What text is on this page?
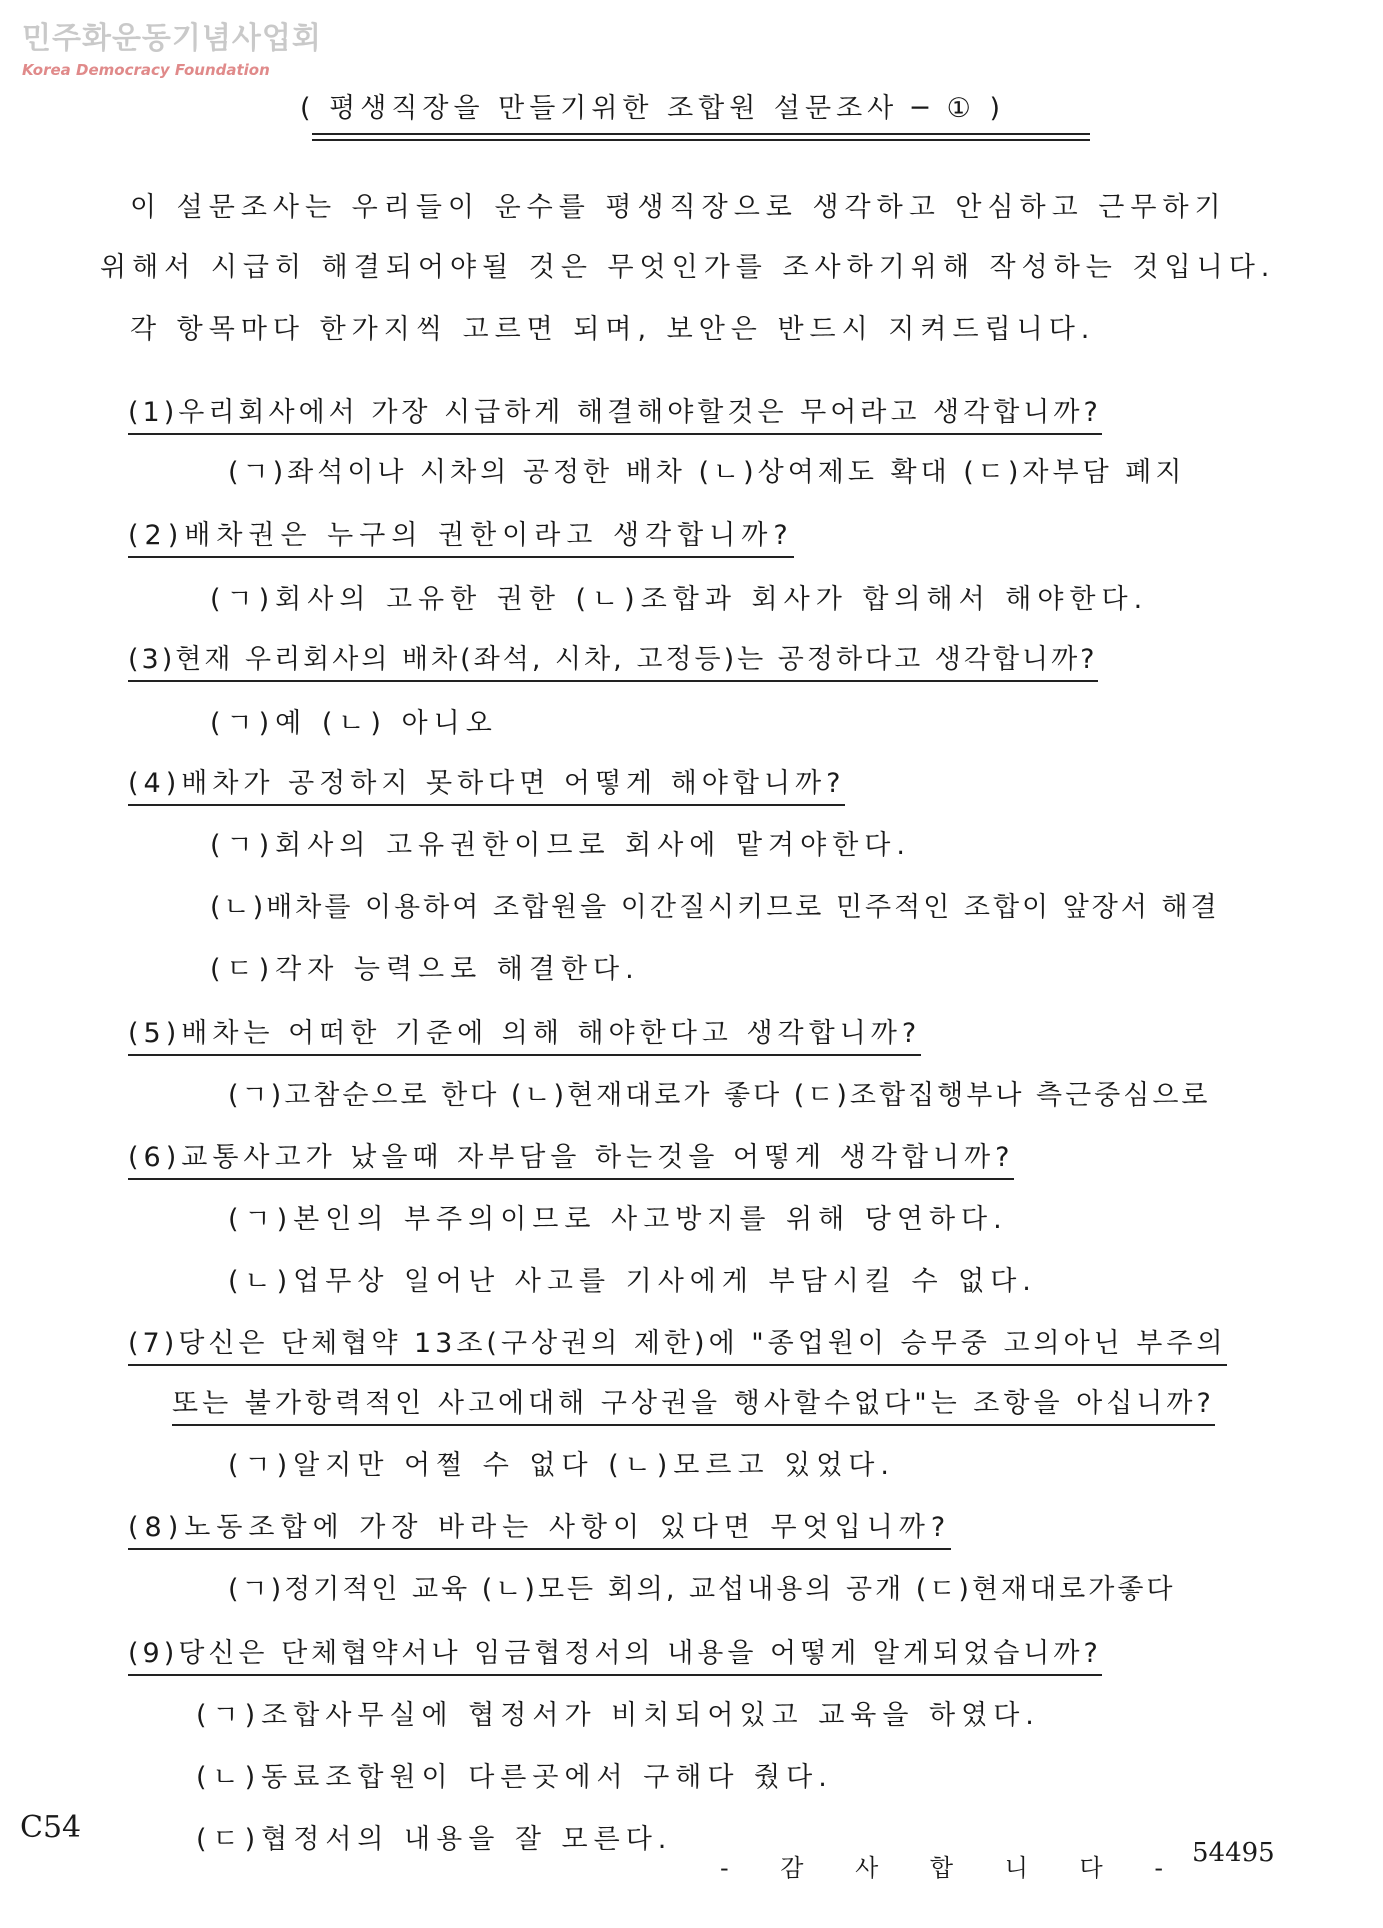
민주화운동기념사업회
Korea Democracy Foundation
( 평생직장을 만들기위한 조합원 설문조사 ─ ① )
이 설문조사는 우리들이 운수를 평생직장으로 생각하고 안심하고 근무하기
위해서 시급히 해결되어야될 것은 무엇인가를 조사하기위해 작성하는 것입니다.
각 항목마다 한가지씩 고르면 되며, 보안은 반드시 지켜드립니다.
(1)우리회사에서 가장 시급하게 해결해야할것은 무어라고 생각합니까?
(ㄱ)좌석이나 시차의 공정한 배차 (ㄴ)상여제도 확대 (ㄷ)자부담 폐지
(2)배차권은 누구의 권한이라고 생각합니까?
(ㄱ)회사의 고유한 권한 (ㄴ)조합과 회사가 합의해서 해야한다.
(3)현재 우리회사의 배차(좌석, 시차, 고정등)는 공정하다고 생각합니까?
(ㄱ)예 (ㄴ) 아니오
(4)배차가 공정하지 못하다면 어떻게 해야합니까?
(ㄱ)회사의 고유권한이므로 회사에 맡겨야한다.
(ㄴ)배차를 이용하여 조합원을 이간질시키므로 민주적인 조합이 앞장서 해결
(ㄷ)각자 능력으로 해결한다.
(5)배차는 어떠한 기준에 의해 해야한다고 생각합니까?
(ㄱ)고참순으로 한다 (ㄴ)현재대로가 좋다 (ㄷ)조합집행부나 측근중심으로
(6)교통사고가 났을때 자부담을 하는것을 어떻게 생각합니까?
(ㄱ)본인의 부주의이므로 사고방지를 위해 당연하다.
(ㄴ)업무상 일어난 사고를 기사에게 부담시킬 수 없다.
(7)당신은 단체협약 13조(구상권의 제한)에 "종업원이 승무중 고의아닌 부주의
또는 불가항력적인 사고에대해 구상권을 행사할수없다"는 조항을 아십니까?
(ㄱ)알지만 어쩔 수 없다 (ㄴ)모르고 있었다.
(8)노동조합에 가장 바라는 사항이 있다면 무엇입니까?
(ㄱ)정기적인 교육 (ㄴ)모든 회의, 교섭내용의 공개 (ㄷ)현재대로가좋다
(9)당신은 단체협약서나 임금협정서의 내용을 어떻게 알게되었습니까?
(ㄱ)조합사무실에 협정서가 비치되어있고 교육을 하였다.
(ㄴ)동료조합원이 다른곳에서 구해다 줬다.
(ㄷ)협정서의 내용을 잘 모른다.
- 감 사 합 니 다 -
C54
54495
